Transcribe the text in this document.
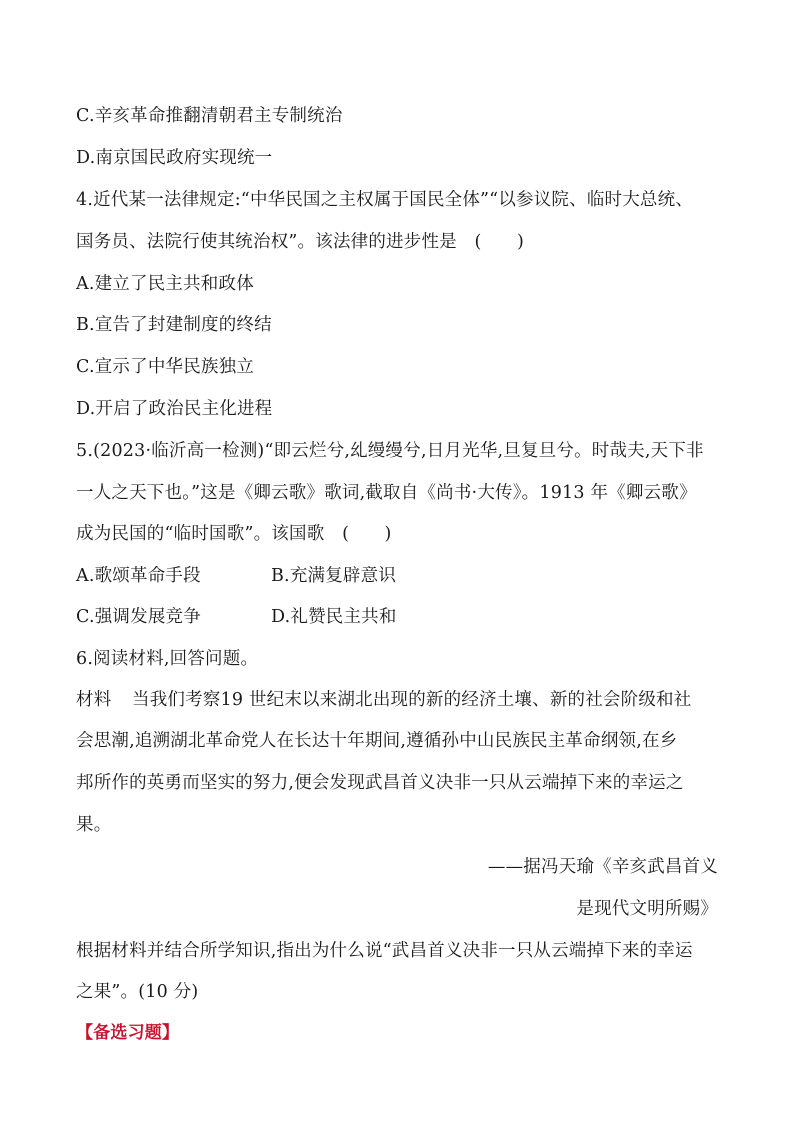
C.辛亥革命推翻清朝君主专制统治
D.南京国民政府实现统一
4.近代某一法律规定:“中华民国之主权属于国民全体”“以参议院、临时大总统、
国务员、法院行使其统治权”。该法律的进步性是　(　　)
A.建立了民主共和政体
B.宣告了封建制度的终结
C.宣示了中华民族独立
D.开启了政治民主化进程
5.(2023·临沂高一检测)“即云烂兮,乣缦缦兮,日月光华,旦复旦兮。时哉夫,天下非
一人之天下也。”这是《卿云歌》歌词,截取自《尚书·大传》。1913 年《卿云歌》
成为民国的“临时国歌”。该国歌　(　　)
A.歌颂革命手段	B.充满复辟意识
C.强调发展竞争	D.礼赞民主共和
6.阅读材料,回答问题。
材料 当我们考察19 世纪末以来湖北出现的新的经济土壤、新的社会阶级和社
会思潮,追溯湖北革命党人在长达十年期间,遵循孙中山民族民主革命纲领,在乡
邦所作的英勇而坚实的努力,便会发现武昌首义决非一只从云端掉下来的幸运之
果。
——据冯天瑜《辛亥武昌首义
是现代文明所赐》
根据材料并结合所学知识,指出为什么说“武昌首义决非一只从云端掉下来的幸运
之果”。(10 分)
【备选习题】
